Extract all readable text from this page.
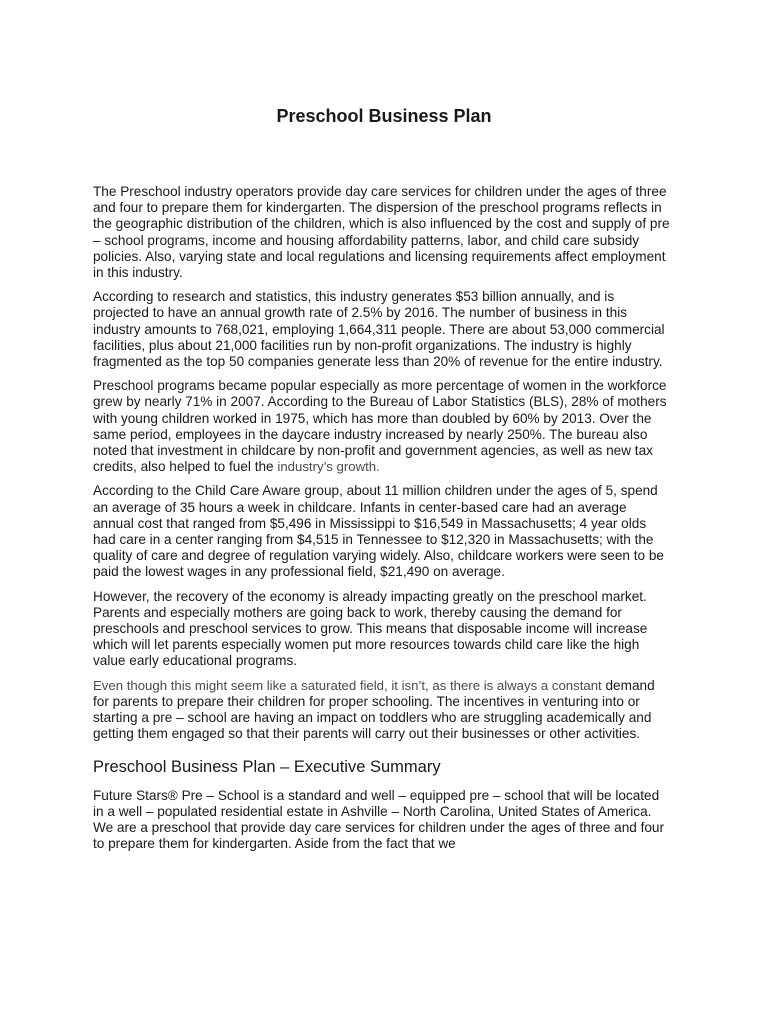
Preschool Business Plan

The Preschool industry operators provide day care services for children under the ages of three and four to prepare them for kindergarten. The dispersion of the preschool programs reflects in the geographic distribution of the children, which is also influenced by the cost and supply of pre – school programs, income and housing affordability patterns, labor, and child care subsidy policies. Also, varying state and local regulations and licensing requirements affect employment in this industry.

According to research and statistics, this industry generates $53 billion annually, and is projected to have an annual growth rate of 2.5% by 2016. The number of business in this industry amounts to 768,021, employing 1,664,311 people. There are about 53,000 commercial facilities, plus about 21,000 facilities run by non-profit organizations. The industry is highly fragmented as the top 50 companies generate less than 20% of revenue for the entire industry.

Preschool programs became popular especially as more percentage of women in the workforce grew by nearly 71% in 2007. According to the Bureau of Labor Statistics (BLS), 28% of mothers with young children worked in 1975, which has more than doubled by 60% by 2013. Over the same period, employees in the daycare industry increased by nearly 250%. The bureau also noted that investment in childcare by non-profit and government agencies, as well as new tax credits, also helped to fuel the industry’s growth.

According to the Child Care Aware group, about 11 million children under the ages of 5, spend an average of 35 hours a week in childcare. Infants in center-based care had an average annual cost that ranged from $5,496 in Mississippi to $16,549 in Massachusetts; 4 year olds had care in a center ranging from $4,515 in Tennessee to $12,320 in Massachusetts; with the quality of care and degree of regulation varying widely. Also, childcare workers were seen to be paid the lowest wages in any professional field, $21,490 on average.

However, the recovery of the economy is already impacting greatly on the preschool market. Parents and especially mothers are going back to work, thereby causing the demand for preschools and preschool services to grow. This means that disposable income will increase which will let parents especially women put more resources towards child care like the high value early educational programs.

Even though this might seem like a saturated field, it isn’t, as there is always a constant demand for parents to prepare their children for proper schooling. The incentives in venturing into or starting a pre – school are having an impact on toddlers who are struggling academically and getting them engaged so that their parents will carry out their businesses or other activities.

Preschool Business Plan – Executive Summary

Future Stars® Pre – School is a standard and well – equipped pre – school that will be located in a well – populated residential estate in Ashville – North Carolina, United States of America. We are a preschool that provide day care services for children under the ages of three and four to prepare them for kindergarten. Aside from the fact that we
